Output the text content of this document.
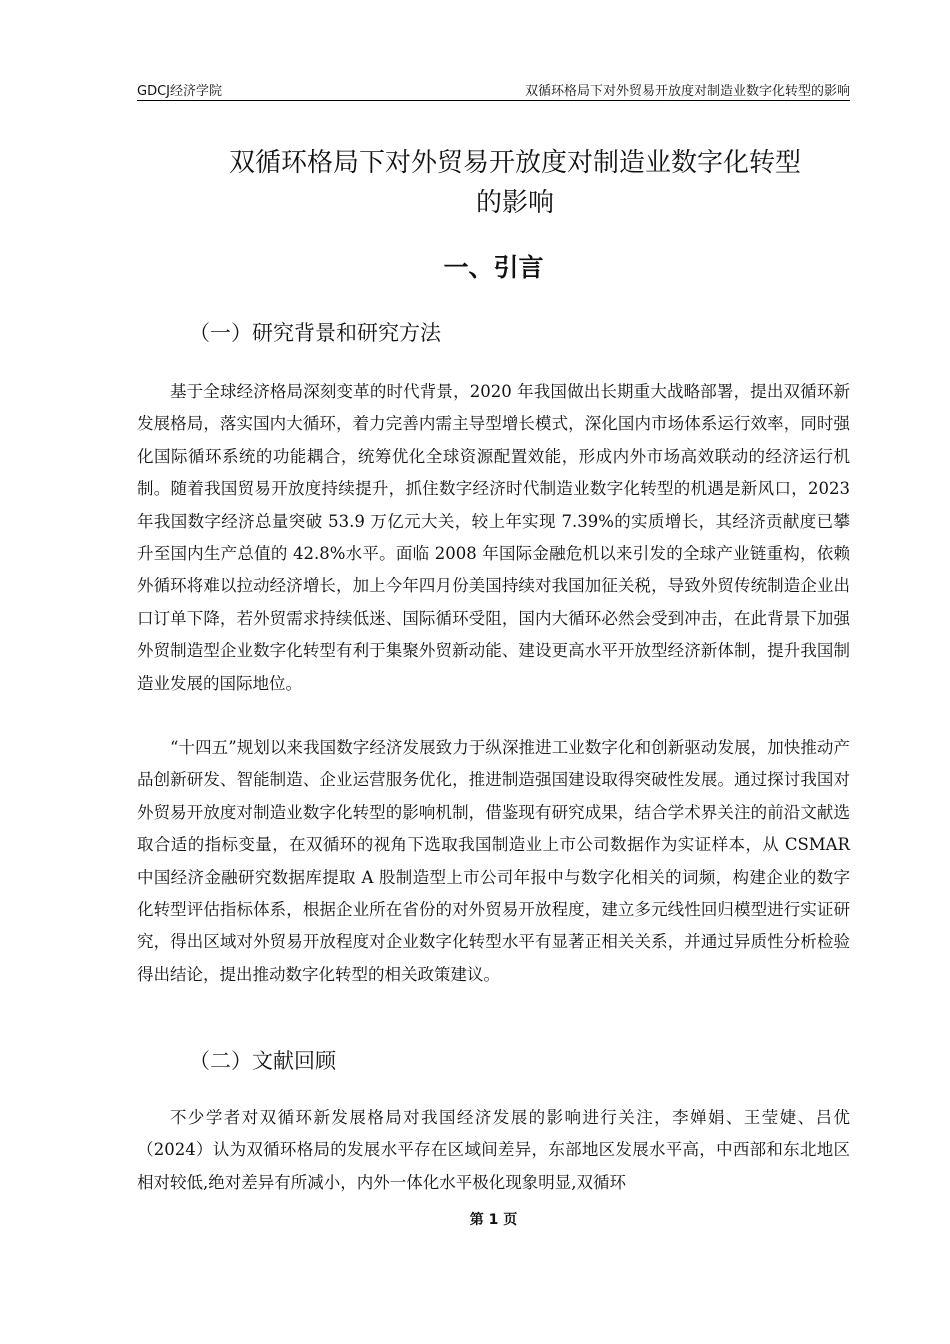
GDCJ经济学院	双循环格局下对外贸易开放度对制造业数字化转型的影响
双循环格局下对外贸易开放度对制造业数字化转型
的影响
一、引言
（一）研究背景和研究方法

基于全球经济格局深刻变革的时代背景，2020 年我国做出长期重大战略部署，提出双循环新发展格局，落实国内大循环，着力完善内需主导型增长模式，深化国内市场体系运行效率，同时强化国际循环系统的功能耦合，统筹优化全球资源配置效能，形成内外市场高效联动的经济运行机制。随着我国贸易开放度持续提升，抓住数字经济时代制造业数字化转型的机遇是新风口，2023 年我国数字经济总量突破 53.9 万亿元大关，较上年实现 7.39%的实质增长，其经济贡献度已攀升至国内生产总值的 42.8%水平。面临 2008 年国际金融危机以来引发的全球产业链重构，依赖外循环将难以拉动经济增长，加上今年四月份美国持续对我国加征关税，导致外贸传统制造企业出口订单下降，若外贸需求持续低迷、国际循环受阻，国内大循环必然会受到冲击，在此背景下加强外贸制造型企业数字化转型有利于集聚外贸新动能、建设更高水平开放型经济新体制，提升我国制造业发展的国际地位。

“十四五”规划以来我国数字经济发展致力于纵深推进工业数字化和创新驱动发展，加快推动产品创新研发、智能制造、企业运营服务优化，推进制造强国建设取得突破性发展。通过探讨我国对外贸易开放度对制造业数字化转型的影响机制，借鉴现有研究成果，结合学术界关注的前沿文献选取合适的指标变量，在双循环的视角下选取我国制造业上市公司数据作为实证样本，从 CSMAR 中国经济金融研究数据库提取 A 股制造型上市公司年报中与数字化相关的词频，构建企业的数字化转型评估指标体系，根据企业所在省份的对外贸易开放程度，建立多元线性回归模型进行实证研究，得出区域对外贸易开放程度对企业数字化转型水平有显著正相关关系，并通过异质性分析检验得出结论，提出推动数字化转型的相关政策建议。

（二）文献回顾

不少学者对双循环新发展格局对我国经济发展的影响进行关注，李婵娟、王莹婕、吕优（2024）认为双循环格局的发展水平存在区域间差异，东部地区发展水平高，中西部和东北地区相对较低,绝对差异有所减小，内外一体化水平极化现象明显,双循环

第 1 页
